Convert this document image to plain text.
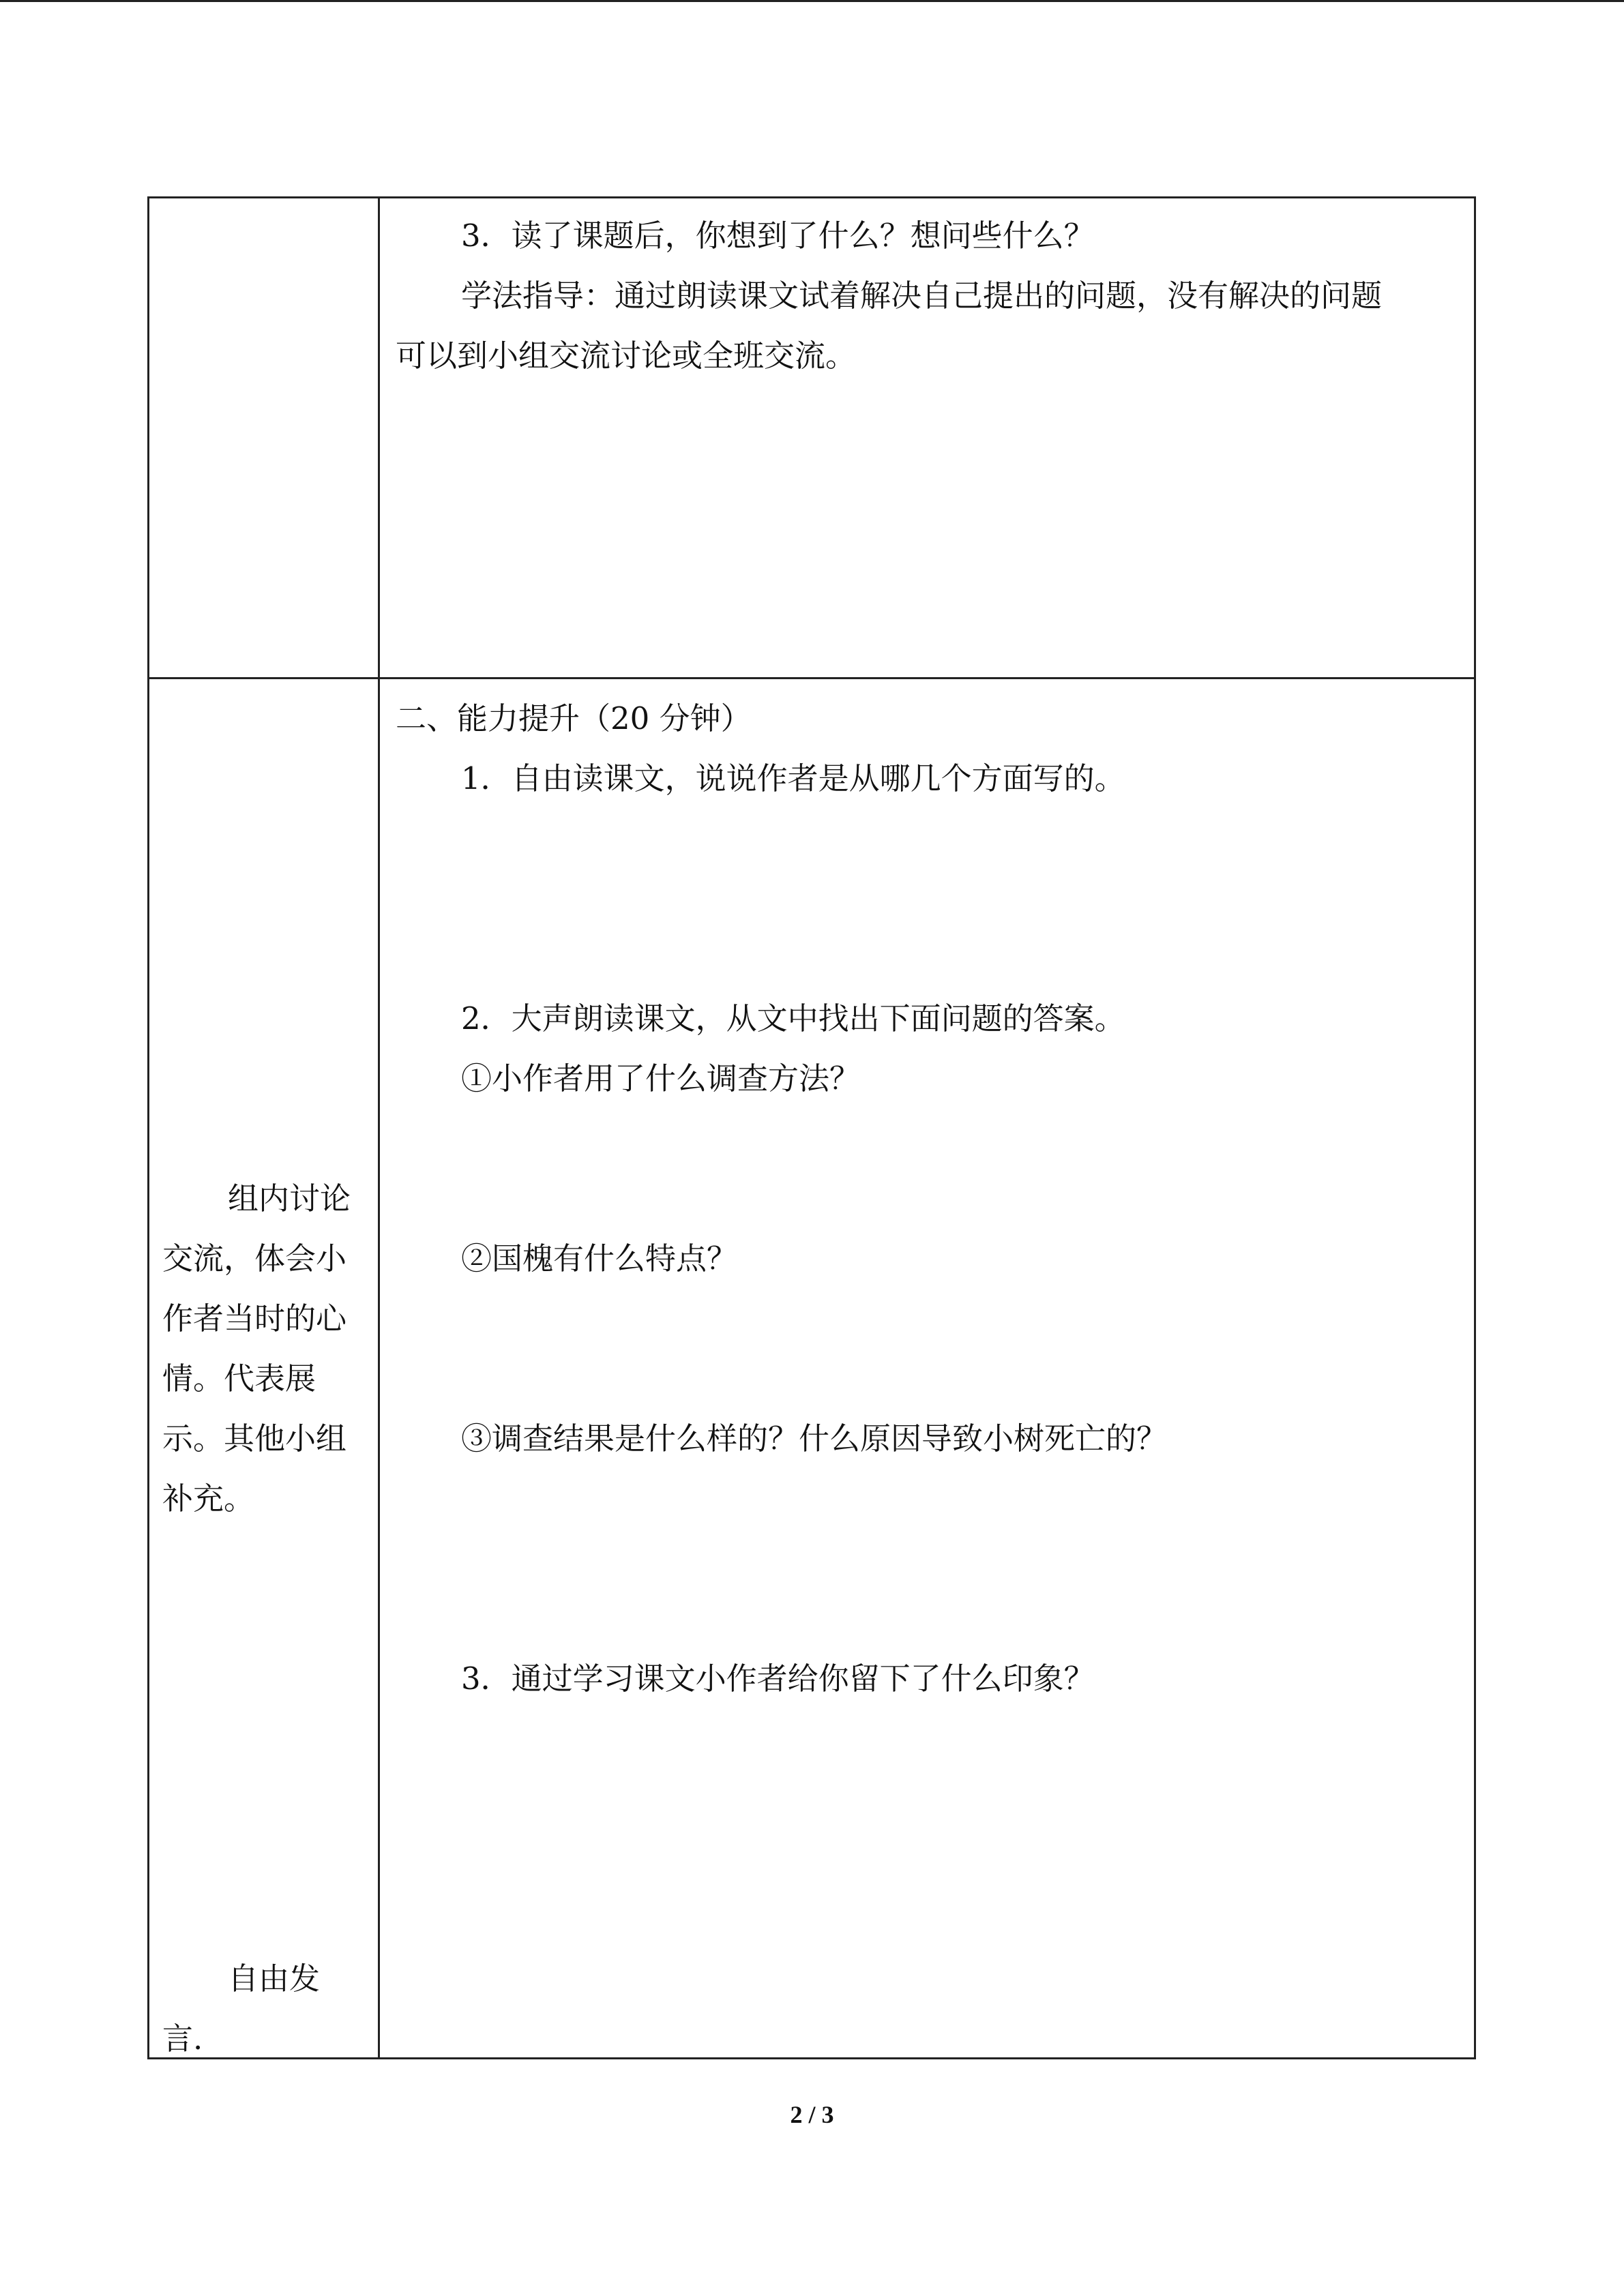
3．读了课题后，你想到了什么？想问些什么？
学法指导：通过朗读课文试着解决自己提出的问题，没有解决的问题
可以到小组交流讨论或全班交流。
二、能力提升（20 分钟）
1．自由读课文，说说作者是从哪几个方面写的。
2．大声朗读课文，从文中找出下面问题的答案。
①小作者用了什么调查方法？
②国槐有什么特点？
③调查结果是什么样的？什么原因导致小树死亡的？
3．通过学习课文小作者给你留下了什么印象？
组内讨论
交流，体会小
作者当时的心
情。代表展
示。其他小组
补充。
自由发
言.
2 / 3
